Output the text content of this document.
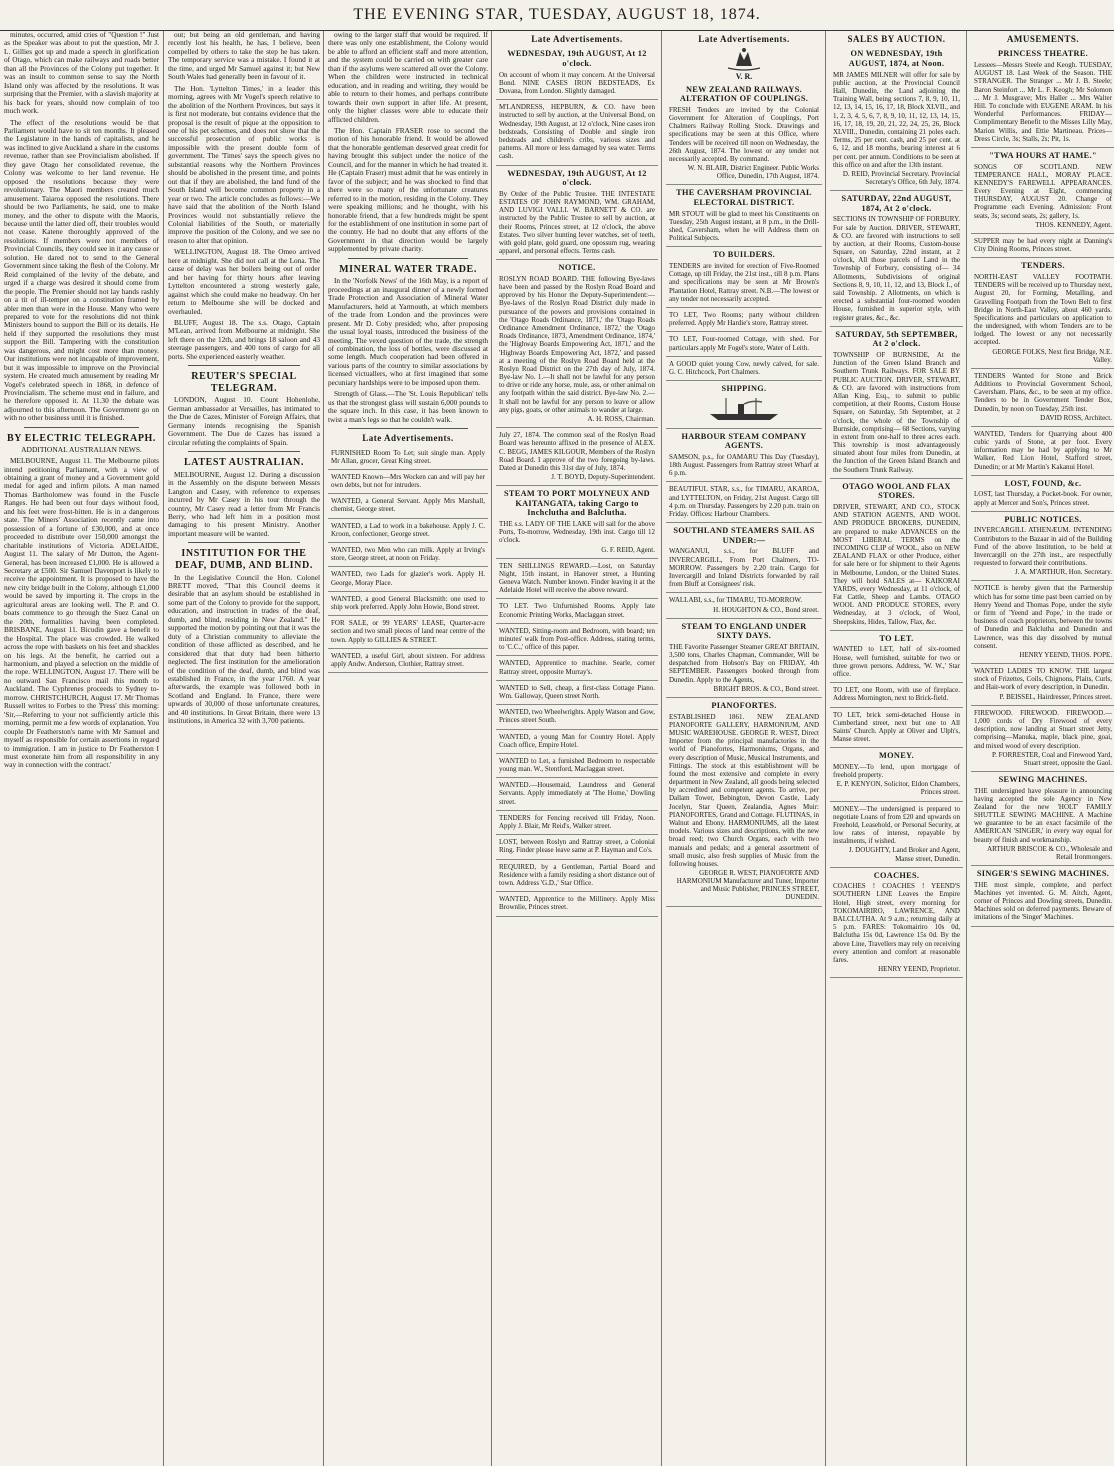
THE EVENING STAR, TUESDAY, AUGUST 18, 1874.

minutes, occurred, amid cries of "Question !" Just as the Speaker was about to put the question, Mr J. L. Gillies got up and made a speech in glorification of Otago, which can make railways and roads better than all the Provinces of the Colony put together. It was an insult to common sense to say the North Island only was affected by the resolutions. It was surprising that the Premier, with a slavish majority at his back for years, should now complain of too much work.

The effect of the resolutions would be that Parliament would have to sit ten months. It pleased the Legislature in the hands of capitalists, and he was inclined to give Auckland a share in the customs revenue, rather than see Provincialism abolished. If they gave Otago her consolidated revenue, the Colony was welcome to her land revenue. He opposed the resolutions because they were revolutionary. The Maori members created much amusement. Taiaroa opposed the resolutions. There should be two Parliaments, he said, one to make money, and the other to dispute with the Maoris, because until the latter died off, their troubles would not cease. Katene thoroughly approved of the resolutions. If members were not members of Provincial Councils, they could see in it any cause or solution. He dared not to send to the General Government since taking the flesh of the Colony. Mr Reid complained of the levity of the debate, and urged if a charge was desired it should come from the people. The Premier should not lay hands rashly on a tit of ill-temper on a constitution framed by abler men than were in the House. Many who were prepared to vote for the resolutions did not think Ministers bound to support the Bill or its details. He held if they supported the resolutions they must support the Bill. Tampering with the constitution was dangerous, and might cost more than money. Our institutions were not incapable of improvement, but it was impossible to improve on the Provincial system. He created much amusement by reading Mr Vogel's celebrated speech in 1868, in defence of Provincialism. The scheme must end in failure, and he therefore opposed it. At 11.30 the debate was adjourned to this afternoon. The Government go on with no other business until it is finished.

BY ELECTRIC TELEGRAPH.
ADDITIONAL AUSTRALIAN NEWS.

MELBOURNE, August 11. The Melbourne pilots intend petitioning Parliament, with a view of obtaining a grant of money and a Government gold medal for aged and infirm pilots. A man named Thomas Bartholomew was found in the Fuscle Ranges. He had been out four days without food, and his feet were frost-bitten. He is in a dangerous state. The Miners' Association recently came into possession of a fortune of £30,000, and at once proceeded to distribute over 150,000 amongst the charitable institutions of Victoria. ADELAIDE, August 11. The salary of Mr Dutton, the Agent-General, has been increased £1,000. He is allowed a Secretary at £500. Sir Samuel Davenport is likely to receive the appointment. It is proposed to have the new city bridge built in the Colony, although £1,000 would be saved by importing it. The crops in the agricultural areas are looking well. The P. and O. boats commence to go through the Suez Canal on the 20th, formalities having been completed. BRISBANE, August 11. Bicudin gave a benefit to the Hospital. The place was crowded. He walked across the rope with baskets on his feet and shackles on his legs. At the benefit, he carried out a harmonium, and played a selection on the middle of the rope. WELLINGTON, August 17. There will be no outward San Francisco mail this month to Auckland. The Cyphrenes proceeds to Sydney to-morrow. CHRISTCHURCH, August 17. Mr Thomas Russell writes to Forbes to the 'Press' this morning: 'Sir,—Referring to your not sufficiently article this morning, permit me a few words of explanation. You couple Dr Featherston's name with Mr Samuel and myself as responsible for certain assertions in regard to immigration. I am in justice to Dr Featherston I must exonerate him from all responsibility in any way in connection with the contract.'

out; but being an old gentleman, and having recently lost his health, he has, I believe, been compelled by others to take the step he has taken. The temporary service was a mistake. I found it at the time, and urged Mr Samuel against it; but New South Wales had generally been in favour of it.

The Hon. 'Lyttelton Times,' in a leader this morning, agrees with Mr Vogel's speech relative to the abolition of the Northern Provinces, but says it is first not moderate, but contains evidence that the proposal is the result of pique at the opposition to one of his pet schemes, and does not show that the successful prosecution of public works is impossible with the present double form of government. The 'Times' says the speech gives no substantial reasons why the Northern Provinces should be abolished in the present time, and points out that if they are abolished, the land fund of the South Island will become common property in a year or two. The article concludes as follows:—We have said that the abolition of the North Island Provinces would not substantially relieve the Colonial liabilities of the South, or materially improve the position of the Colony, and we see no reason to alter that opinion.

WELLINGTON, August 18. The Omeo arrived here at midnight. She did not call at the Lona. The cause of delay was her boilers being out of order and her having for thirty hours after leaving Lyttelton encountered a strong westerly gale, against which she could make no headway. On her return to Melbourne she will be docked and overhauled.

BLUFF, August 18. The s.s. Otago, Captain M'Lean, arrived from Melbourne at midnight. She left there on the 12th, and brings 18 saloon and 43 steerage passengers, and 400 tons of cargo for all ports. She experienced easterly weather.

REUTER'S SPECIAL TELEGRAM.

LONDON, August 10. Count Hohenlohe, German ambassador at Versailles, has intimated to the Due de Cazes, Minister of Foreign Affairs, that Germany intends recognising the Spanish Government. The Due de Cazes has issued a circular refuting the complaints of Spain.

LATEST AUSTRALIAN.

MELBOURNE, August 12. During a discussion in the Assembly on the dispute between Messrs Langton and Casey, with reference to expenses incurred by Mr Casey in his tour through the country, Mr Casey read a letter from Mr Francis Berry, who had left him in a position most damaging to his present Ministry. Another important measure will be wanted.

INSTITUTION FOR THE DEAF, DUMB, AND BLIND.

In the Legislative Council the Hon. Colonel BRETT moved, "That this Council deems it desirable that an asylum should be established in some part of the Colony to provide for the support, education, and instruction in trades of the deaf, dumb, and blind, residing in New Zealand." He supported the motion by pointing out that it was the duty of a Christian community to alleviate the condition of those afflicted as described, and he considered that that duty had been hitherto neglected. The first institution for the amelioration of the condition of the deaf, dumb, and blind was established in France, in the year 1760. A year afterwards, the example was followed both in Scotland and England. In France, there were upwards of 30,000 of those unfortunate creatures, and 40 institutions. In Great Britain, there were 13 institutions, in America 32 with 3,700 patients.

owing to the larger staff that would be required. If there was only one establishment, the Colony would be able to afford an efficient staff and more attention, and the system could be carried on with greater care than if the asylums were scattered all over the Colony. When the children were instructed in technical education, and in reading and writing, they would be able to return to their homes, and perhaps contribute towards their own support in after life. At present, only the higher classes were able to educate their afflicted children.

The Hon. Captain FRASER rose to second the motion of his honorable friend. It would be allowed that the honorable gentleman deserved great credit for having brought this subject under the notice of the Council, and for the manner in which he had treated it. He (Captain Fraser) must admit that he was entirely in favor of the subject; and he was shocked to find that there were so many of the unfortunate creatures referred to in the motion, residing in the Colony. They were speaking millions; and he thought, with his honorable friend, that a few hundreds might be spent for the establishment of one institution in some part of the country. He had no doubt that any efforts of the Government in that direction would be largely supplemented by private charity.

MINERAL WATER TRADE.

In the 'Norfolk News' of the 16th May, is a report of proceedings at an inaugural dinner of a newly formed Trade Protection and Association of Mineral Water Manufacturers, held at Yarmouth, at which members of the trade from London and the provinces were present. Mr D. Coby presided; who, after proposing the usual loyal toasts, introduced the business of the meeting. The vexed question of the trade, the strength of combination, the loss of bottles, were discussed at some length. Much cooperation had been offered in various parts of the country to similar associations by licensed victuallers, who at first imagined that some pecuniary hardships were to be imposed upon them.

Strength of Glass.—The 'St. Louis Republican' tells us that the strongest glass will sustain 6,000 pounds to the square inch. In this case, it has been known to twist a man's legs so that he couldn't walk.

Late Advertisements.
FURNISHED Room To Let; suit single man. Apply Mr Allan, grocer, Great King street.
WANTED Known—Mrs Wocken can and will pay her own debts, but not for intruders.
WANTED, a General Servant. Apply Mrs Marshall, chemist, George street.
WANTED, a Lad to work in a bakehouse. Apply J. C. Kroon, confectioner, George street.
WANTED, two Men who can milk. Apply at Irving's store, George street, at noon on Friday.
WANTED, two Lads for glazier's work. Apply H. George, Moray Place.
WANTED, a good General Blacksmith: one used to ship work preferred. Apply John Howie, Bond street.
FOR SALE, or 99 YEARS' LEASE, Quarter-acre section and two small pieces of land near centre of the town. Apply to GILLIES & STREET.
WANTED, a useful Girl, about sixteen. For address apply Andw. Anderson, Clothier, Rattray street.
Late Advertisements.
WEDNESDAY, 19th AUGUST, At 12 o'clock.
On account of whom it may concern. At the Universal Bond. NINE CASES IRON BEDSTEADS, Ex Dovana, from London. Slightly damaged.
M'LANDRESS, HEPBURN, & CO. have been instructed to sell by auction, at the Universal Bond, on Wednesday, 19th August, at 12 o'clock, Nine cases iron bedsteads, Consisting of Double and single iron bedsteads and children's cribs, various sizes and patterns. All more or less damaged by sea water. Terms cash.
WEDNESDAY, 19th AUGUST, At 12 o'clock.
By Order of the Public Trustee. THE INTESTATE ESTATES OF JOHN RAYMOND, WM. GRAHAM, AND LUVIGI VALLI. W. BARNETT & CO. are instructed by the Public Trustee to sell by auction, at their Rooms, Princes street, at 12 o'clock, the above Estates. Two silver hunting lever watches, set of teeth, with gold plate, gold guard, one opossum rug, wearing apparel, and personal effects. Terms cash.
NOTICE.
ROSLYN ROAD BOARD. THE following Bye-laws have been and passed by the Roslyn Road Board and approved by his Honor the Deputy-Superintendent:— Bye-laws of the Roslyn Road District duly made in pursuance of the powers and provisions contained in the 'Otago Roads Ordinance, 1871,' the 'Otago Roads Ordinance Amendment Ordinance, 1872,' the 'Otago Roads Ordinance, 1873, Amendment Ordinance, 1874,' the 'Highway Boards Empowering Act, 1871,' and the 'Highway Boards Empowering Act, 1872,' and passed at a meeting of the Roslyn Road Board held at the Roslyn Road District on the 27th day of July, 1874. Bye-law No. 1.—It shall not be lawful for any person to drive or ride any horse, mule, ass, or other animal on any footpath within the said district. Bye-law No. 2.—It shall not be lawful for any person to leave or allow any pigs, goats, or other animals to wander at large.
A. H. ROSS, Chairman.
July 27, 1874. The common seal of the Roslyn Road Board was hereunto affixed in the presence of ALEX. C. BEGG, JAMES KILGOUR, Members of the Roslyn Road Board. I approve of the two foregoing by-laws. Dated at Dunedin this 31st day of July, 1874.
J. T. BOYD, Deputy-Superintendent.
STEAM TO PORT MOLYNEUX AND KAITANGATA, taking Cargo to Inchclutha and Balclutha.
THE s.s. LADY OF THE LAKE will sail for the above Ports, To-morrow, Wednesday, 19th inst. Cargo till 12 o'clock.
G. F. REID, Agent.
TEN SHILLINGS REWARD.—Lost, on Saturday Night, 15th instant, in Hanover street, a Hunting Geneva Watch. Number known. Finder leaving it at the Adelaide Hotel will receive the above reward.
TO LET. Two Unfurnished Rooms. Apply late Economic Printing Works, Maclaggan street.
WANTED, Sitting-room and Bedroom, with board; ten minutes' walk from Post-office. Address, stating terms, to 'C.C.,' office of this paper.
WANTED, Apprentice to machine. Searle, corner Rattray street, opposite Murray's.
WANTED to Sell, cheap, a first-class Cottage Piano. Wm. Galloway, Queen street North.
WANTED, two Wheelwrights. Apply Watson and Gow, Princes street South.
WANTED, a young Man for Country Hotel. Apply Coach office, Empire Hotel.
WANTED to Let, a furnished Bedroom to respectable young man. W., Stentford, Maclaggan street.
WANTED.—Housemaid, Laundress and General Servants. Apply immediately at 'The Home,' Dowling street.
TENDERS for Fencing received till Friday, Noon. Apply J. Blair, Mr Reid's, Walker street.
LOST, between Roslyn and Rattray street, a Colonial Ring. Finder please leave same at P. Hayman and Co's.
REQUIRED, by a Gentleman, Partial Board and Residence with a family residing a short distance out of town. Address 'G.D.,' Star Office.
WANTED, Apprentice to the Millinery. Apply Miss Brownlie, Princes street.
Late Advertisements.
V. R.
NEW ZEALAND RAILWAYS. ALTERATION OF COUPLINGS.
FRESH Tenders are invited by the Colonial Government for Alteration of Couplings, Port Chalmers Railway Rolling Stock. Drawings and specifications may be seen at this Office, where Tenders will be received till noon on Wednesday, the 26th August, 1874. The lowest or any tender not necessarily accepted. By command.
W. N. BLAIR, District Engineer. Public Works Office, Dunedin, 17th August, 1874.
THE CAVERSHAM PROVINCIAL ELECTORAL DISTRICT.
MR STOUT will be glad to meet his Constituents on Tuesday, 25th August instant, at 8 p.m., in the Drill-shed, Caversham, when he will Address them on Political Subjects.
TO BUILDERS.
TENDERS are invited for erection of Five-Roomed Cottage, up till Friday, the 21st inst., till 8 p.m. Plans and specifications may be seen at Mr Brown's Plantation Hotel, Rattray street. N.B.—The lowest or any tender not necessarily accepted.
TO LET, Two Rooms; party without children preferred. Apply Mr Hardie's store, Rattray street.
TO LET, Four-roomed Cottage, with shed. For particulars apply Mr Fogel's store, Water of Leith.
A GOOD quiet young Cow, newly calved, for sale. G. C. Hitchcock, Port Chalmers.
SHIPPING.
HARBOUR STEAM COMPANY AGENTS.
SAMSON, p.s., for OAMARU This Day (Tuesday), 18th August. Passengers from Rattray street Wharf at 6 p.m.
BEAUTIFUL STAR, s.s., for TIMARU, AKAROA, and LYTTELTON, on Friday, 21st August. Cargo till 4 p.m. on Thursday. Passengers by 2.20 p.m. train on Friday. Offices: Harbour Chambers.
SOUTHLAND STEAMERS SAIL AS UNDER:—
WANGANUI, s.s., for BLUFF and INVERCARGILL, From Port Chalmers, TO-MORROW. Passengers by 2.20 train. Cargo for Invercargill and Inland Districts forwarded by rail from Bluff at Consignees' risk.
WALLABI, s.s., for TIMARU, TO-MORROW.
H. HOUGHTON & CO., Bond street.
STEAM TO ENGLAND UNDER SIXTY DAYS.
THE Favorite Passenger Steamer GREAT BRITAIN, 3,500 tons, Charles Chapman, Commander, Will be despatched from Hobson's Bay on FRIDAY, 4th SEPTEMBER. Passengers booked through from Dunedin. Apply to the Agents,
BRIGHT BROS. & CO., Bond street.
PIANOFORTES.
ESTABLISHED 1861. NEW ZEALAND PIANOFORTE GALLERY, HARMONIUM, AND MUSIC WAREHOUSE. GEORGE R. WEST, Direct Importer from the principal manufactories in the world of Pianofortes, Harmoniums, Organs, and every description of Music, Musical Instruments, and Fittings. The stock at this establishment will be found the most extensive and complete in every department in New Zealand, all goods being selected by accredited and competent agents. To arrive, per Dallam Tower, Bebington, Devon Castle, Lady Jocelyn, Star Queen, Zealandia, Agnes Muir: PIANOFORTES, Grand and Cottage. FLUTINAS, in Walnut and Ebony. HARMONIUMS, all the latest models. Various sizes and descriptions, with the new broad reed; two Church Organs, each with two manuals and pedals; and a general assortment of small music, also fresh supplies of Music from the following houses.
GEORGE R. WEST, PIANOFORTE AND HARMONIUM Manufacturer and Tuner, Importer and Music Publisher, PRINCES STREET, DUNEDIN.
SALES BY AUCTION.
ON WEDNESDAY, 19th AUGUST, 1874, at Noon.
MR JAMES MILNER will offer for sale by public auction, at the Provincial Council Hall, Dunedin, the Land adjoining the Training Wall, being sections 7, 8, 9, 10, 11, 12, 13, 14, 15, 16, 17, 18, Block XLVII., and 1, 2, 3, 4, 5, 6, 7, 8, 9, 10, 11, 12, 13, 14, 15, 16, 17, 18, 19, 20, 21, 22, 24, 25, 26, Block XLVIII., Dunedin, containing 21 poles each. Terms, 25 per cent. cash, and 25 per cent. at 6, 12, and 18 months, bearing interest at 6 per cent. per annum. Conditions to be seen at this office on and after the 13th instant.
D. REID, Provincial Secretary. Provincial Secretary's Office, 6th July, 1874.
SATURDAY, 22nd AUGUST, 1874, At 2 o'clock.
SECTIONS IN TOWNSHIP OF FORBURY. For sale by Auction. DRIVER, STEWART, & CO. are favored with instructions to sell by auction, at their Rooms, Custom-house Square, on Saturday, 22nd instant, at 2 o'clock, All those parcels of Land in the Township of Forbury, consisting of— 34 Allotments, Subdivisions of original Sections 8, 9, 10, 11, 12, and 13, Block I., of said Township. 2 Allotments, on which is erected a substantial four-roomed wooden House, furnished in superior style, with register grates, &c., &c.
SATURDAY, 5th SEPTEMBER, At 2 o'clock.
TOWNSHIP OF BURNSIDE, At the Junction of the Green Island Branch and Southern Trunk Railways. FOR SALE BY PUBLIC AUCTION. DRIVER, STEWART, & CO. are favored with instructions from Allan King, Esq., to submit to public competition, at their Rooms, Custom House Square, on Saturday, 5th September, at 2 o'clock, the whole of the Township of Burnside, comprising— 68 Sections, varying in extent from one-half to three acres each. This township is most advantageously situated about four miles from Dunedin, at the Junction of the Green Island Branch and the Southern Trunk Railway.
OTAGO WOOL AND FLAX STORES.
DRIVER, STEWART, AND CO., STOCK AND STATION AGENTS, AND WOOL AND PRODUCE BROKERS, DUNEDIN, are prepared to make ADVANCES on the MOST LIBERAL TERMS on the INCOMING CLIP of WOOL, also on NEW ZEALAND FLAX or other Produce, either for sale here or for shipment to their Agents in Melbourne, London, or the United States. They will hold SALES at— KAIKORAI YARDS, every Wednesday, at 11 o'clock, of Fat Cattle, Sheep and Lambs. OTAGO WOOL AND PRODUCE STORES, every Wednesday, at 3 o'clock, of Wool, Sheepskins, Hides, Tallow, Flax, &c.
TO LET.
WANTED to LET, half of six-roomed House, well furnished, suitable for two or three grown persons. Address, 'W. W.,' Star office.
TO LET, one Room, with use of fireplace. Address Mornington, next to Brick-field.
TO LET, brick semi-detached House in Cumberland street, next but one to All Saints' Church. Apply at Oliver and Ulph's, Manse street.
MONEY.
MONEY.—To lend, upon mortgage of freehold property.
E. P. KENYON, Solicitor, Eldon Chambers, Princes street.
MONEY.—The undersigned is prepared to negotiate Loans of from £20 and upwards on Freehold, Leasehold, or Personal Security, at low rates of interest, repayable by instalments, if wished.
J. DOUGHTY, Land Broker and Agent, Manse street, Dunedin.
COACHES.
COACHES ! COACHES ! YEEND'S SOUTHERN LINE Leaves the Empire Hotel, High street, every morning for TOKOMAIRIRO, LAWRENCE, AND BALCLUTHA. At 9 a.m.; returning daily at 5 p.m. FARES: Tokomairiro 10s 0d, Balclutha 15s 0d, Lawrence 15s 0d. By the above Line, Travellers may rely on receiving every attention and comfort at reasonable fares.
HENRY YEEND, Proprietor.
AMUSEMENTS.
PRINCESS THEATRE.
Lessees—Messrs Steele and Keogh. TUESDAY, AUGUST 18. Last Week of the Season. THE STRANGER. The Stranger ... Mr J. B. Steele; Baron Steinfort ... Mr L. F. Keogh; Mr Solomon ... Mr J. Musgrave; Mrs Haller ... Mrs Walter Hill. To conclude with EUGENE ARAM. In his Wonderful Performances. FRIDAY—Complimentary Benefit to the Misses Lilly May, Marion Willis, and Ettie Martineau. Prices—Dress Circle, 3s; Stalls, 2s; Pit, 1s.
"TWA HOURS AT HAME."
SONGS OF SCOTLAND. NEW TEMPERANCE HALL, MORAY PLACE. KENNEDY'S FAREWELL APPEARANCES. Every Evening at Eight, commencing THURSDAY, AUGUST 20. Change of Programme each Evening. Admission: Front seats, 3s; second seats, 2s; gallery, 1s.
THOS. KENNEDY, Agent.
SUPPER may be had every night at Danning's City Dining Rooms, Princes street.
TENDERS.
NORTH-EAST VALLEY FOOTPATH. TENDERS will be received up to Thursday next, August 20, for Forming, Metalling, and Gravelling Footpath from the Town Belt to first Bridge in North-East Valley, about 460 yards. Specifications and particulars on application to the undersigned, with whom Tenders are to be lodged. The lowest or any not necessarily accepted.
GEORGE FOLKS, Next first Bridge, N.E. Valley.
TENDERS Wanted for Stone and Brick Additions to Provincial Government School, Caversham. Plans, &c., to be seen at my office. Tenders to be in Government Tender Box, Dunedin, by noon on Tuesday, 25th inst.
DAVID ROSS, Architect.
WANTED, Tenders for Quarrying about 400 cubic yards of Stone, at per foot. Every information may be had by applying to Mr Walker, Red Lion Hotel, Stafford street, Dunedin; or at Mr Martin's Kakanui Hotel.
LOST, FOUND, &c.
LOST, last Thursday, a Pocket-book. For owner, apply at Mercer and Son's, Princes street.
PUBLIC NOTICES.
INVERCARGILL ATHENÆUM. INTENDING Contributors to the Bazaar in aid of the Building Fund of the above Institution, to be held at Invercargill on the 27th inst., are respectfully requested to forward their contributions.
J. A. M'ARTHUR, Hon. Secretary.
NOTICE is hereby given that the Partnership which has for some time past been carried on by Henry Yeend and Thomas Pope, under the style or firm of 'Yeend and Pope,' in the trade or business of coach proprietors, between the towns of Dunedin and Balclutha and Dunedin and Lawrence, was this day dissolved by mutual consent.
HENRY YEEND, THOS. POPE.
WANTED LADIES TO KNOW. THE largest stock of Frizettes, Coils, Chignons, Plaits, Curls, and Hair-work of every description, in Dunedin.
P. BEISSEL, Hairdresser, Princes street.
FIREWOOD. FIREWOOD. FIREWOOD.—1,000 cords of Dry Firewood of every description, now landing at Stuart street Jetty, comprising—Manuka, maple, black pine, goai, and mixed wood of every description.
P. FORRESTER, Coal and Firewood Yard, Stuart street, opposite the Gaol.
SEWING MACHINES.
THE undersigned have pleasure in announcing having accepted the sole Agency in New Zealand for the new 'HOLT' FAMILY SHUTTLE SEWING MACHINE. A Machine we guarantee to be an exact facsimile of the AMERICAN 'SINGER,' in every way equal for beauty of finish and workmanship.
ARTHUR BRISCOE & CO., Wholesale and Retail Ironmongers.
SINGER'S SEWING MACHINES.
THE most simple, complete, and perfect Machines yet invented. G. M. Aitch, Agent, corner of Princes and Dowling streets, Dunedin. Machines sold on deferred payments. Beware of imitations of the 'Singer' Machines.
